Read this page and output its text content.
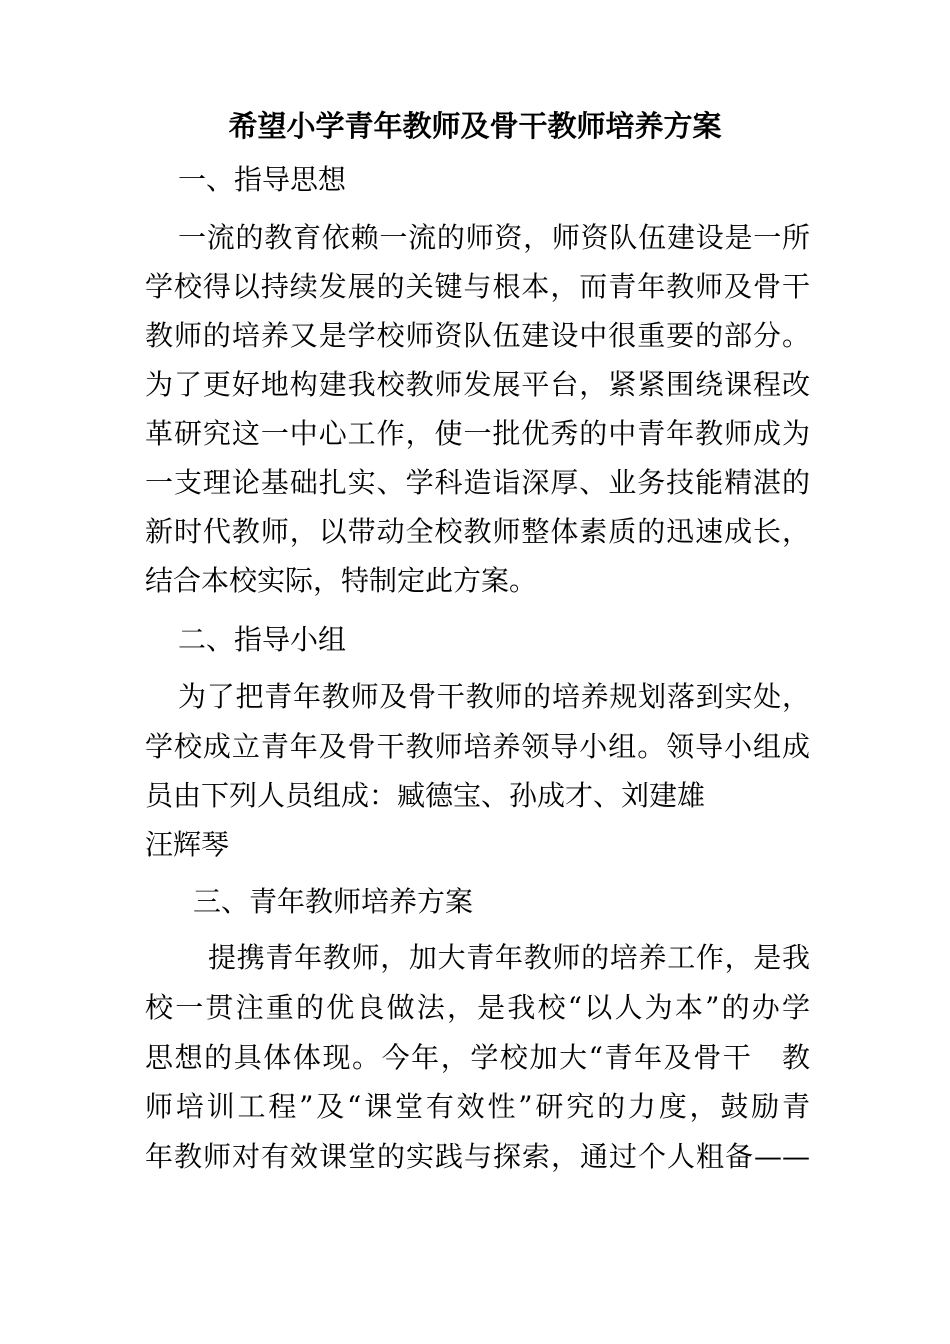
希望小学青年教师及骨干教师培养方案
一、指导思想
一流的教育依赖一流的师资，师资队伍建设是一所
学校得以持续发展的关键与根本，而青年教师及骨干
教师的培养又是学校师资队伍建设中很重要的部分。
为了更好地构建我校教师发展平台，紧紧围绕课程改
革研究这一中心工作，使一批优秀的中青年教师成为
一支理论基础扎实、学科造诣深厚、业务技能精湛的
新时代教师，以带动全校教师整体素质的迅速成长，
结合本校实际，特制定此方案。
二、指导小组
为了把青年教师及骨干教师的培养规划落到实处，
学校成立青年及骨干教师培养领导小组。领导小组成
员由下列人员组成：臧德宝、孙成才、刘建雄
汪辉琴
三、青年教师培养方案
提携青年教师，加大青年教师的培养工作，是我
校一贯注重的优良做法，是我校“以人为本”的办学
思想的具体体现。今年，学校加大“青年及骨干　教
师培训工程”及“课堂有效性”研究的力度，鼓励青
年教师对有效课堂的实践与探索，通过个人粗备——
